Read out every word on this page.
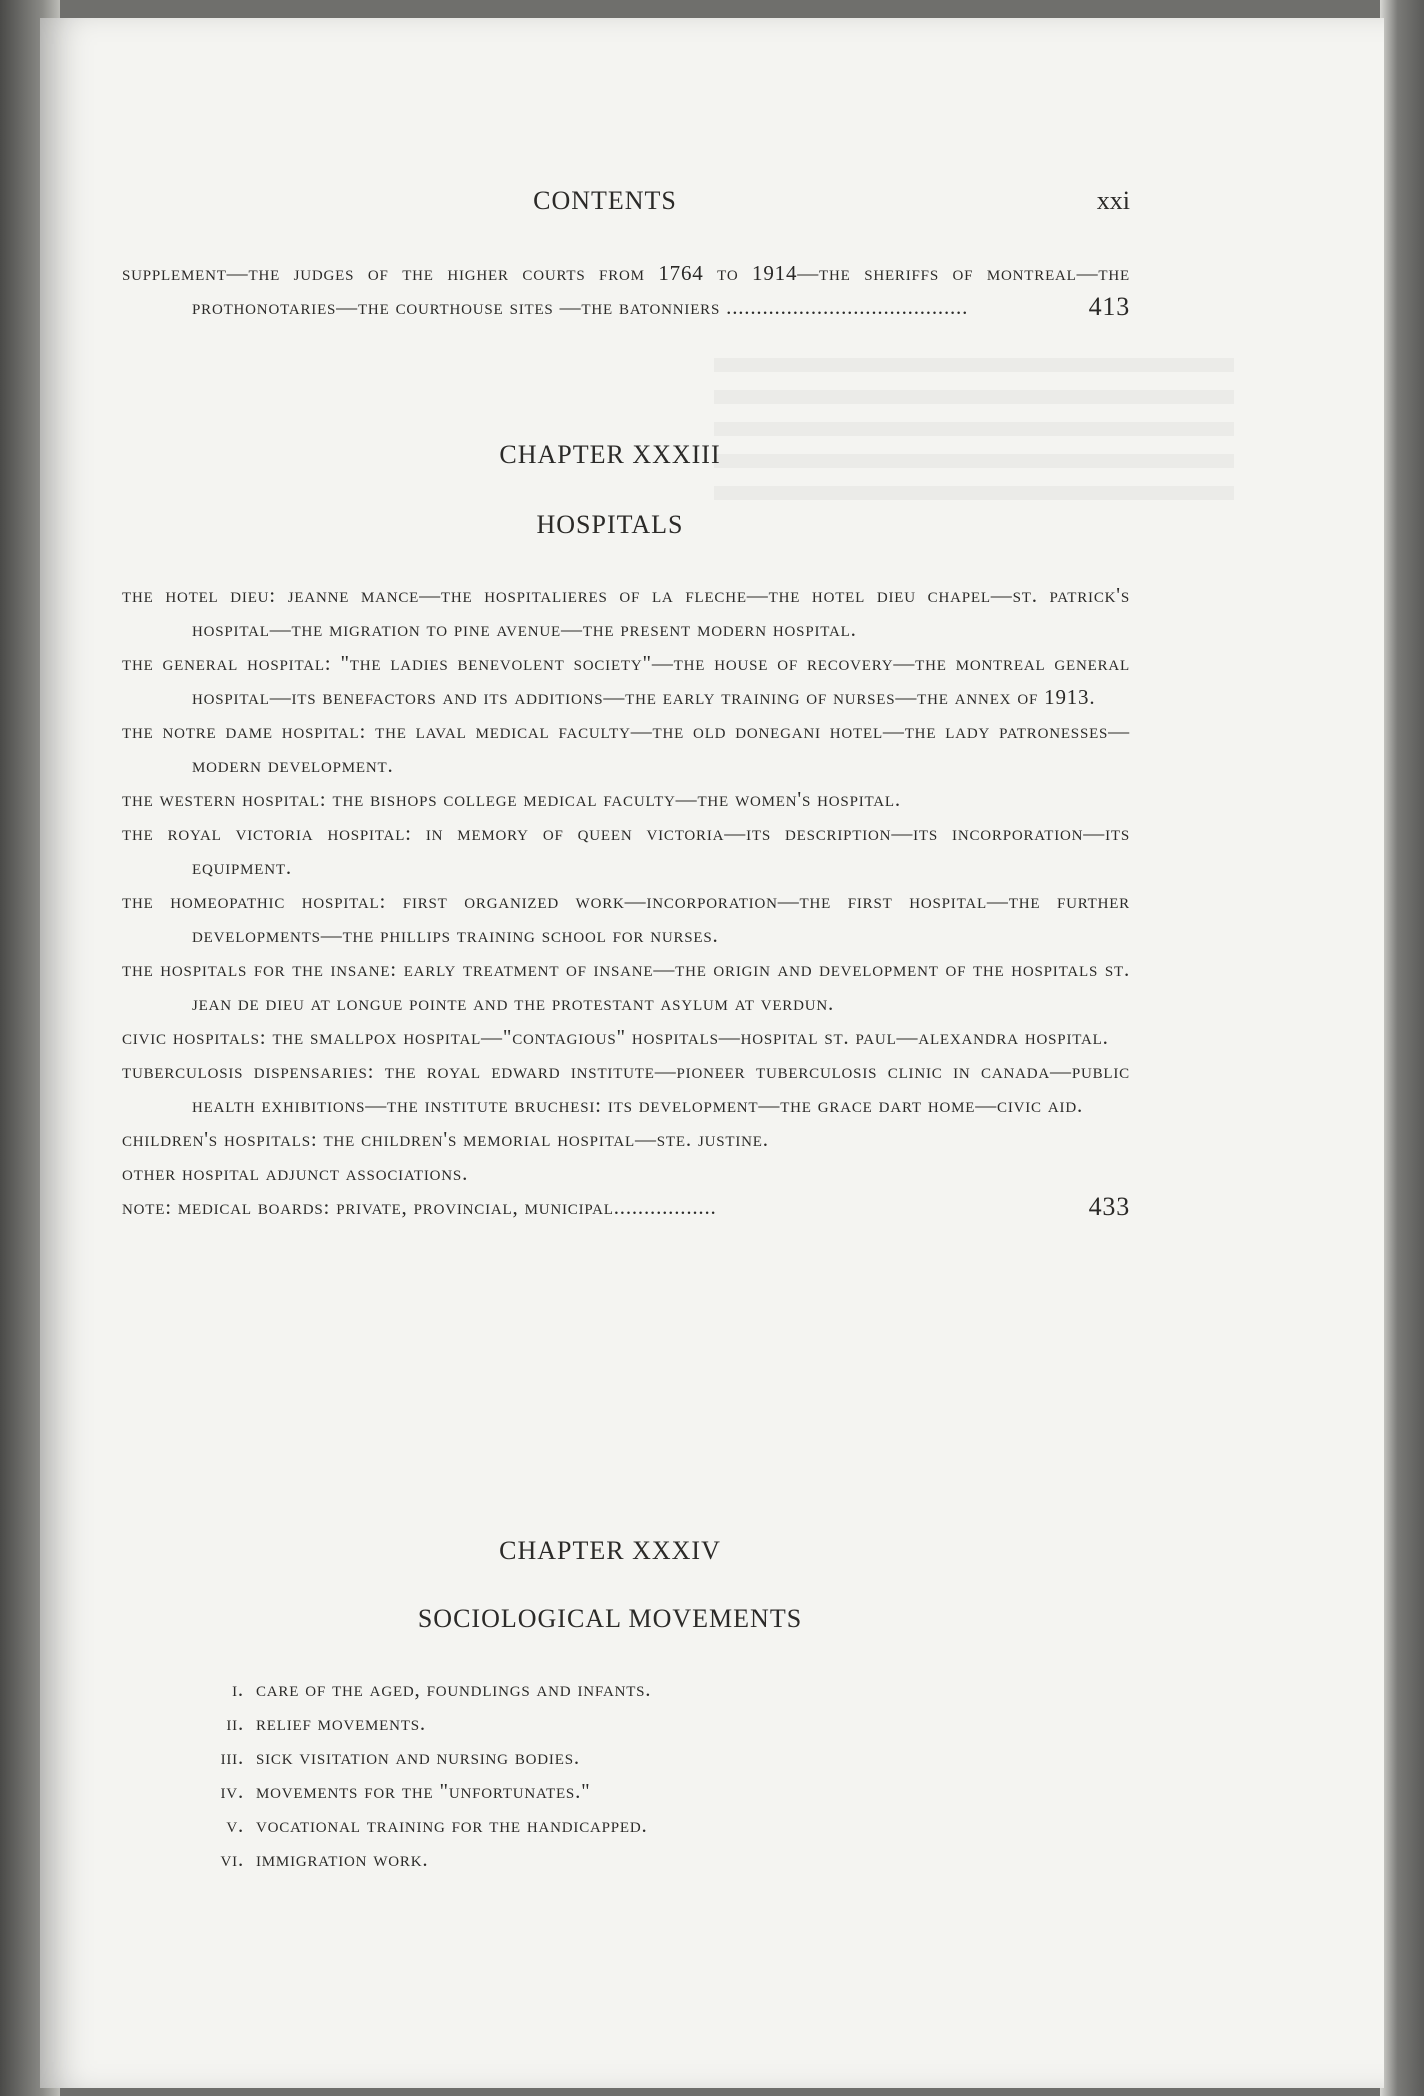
CONTENTS	xxi
supplement—the judges of the higher courts from 1764 to 1914—the sheriffs of montreal—the prothonotaries—the courthouse sites —the batonniers ........................................	413
CHAPTER XXXIII
HOSPITALS
the hotel dieu: jeanne mance—the hospitalieres of la fleche—the hotel dieu chapel—st. patrick's hospital—the migration to pine avenue—the present modern hospital.
the general hospital: "the ladies benevolent society"—the house of recovery—the montreal general hospital—its benefactors and its additions—the early training of nurses—the annex of 1913.
the notre dame hospital: the laval medical faculty—the old donegani hotel—the lady patronesses—modern development.
the western hospital: the bishops college medical faculty—the women's hospital.
the royal victoria hospital: in memory of queen victoria—its description—its incorporation—its equipment.
the homeopathic hospital: first organized work—incorporation—the first hospital—the further developments—the phillips training school for nurses.
the hospitals for the insane: early treatment of insane—the origin and development of the hospitals st. jean de dieu at longue pointe and the protestant asylum at verdun.
civic hospitals: the smallpox hospital—"contagious" hospitals—hospital st. paul—alexandra hospital.
tuberculosis dispensaries: the royal edward institute—pioneer tuberculosis clinic in canada—public health exhibitions—the institute bruchesi: its development—the grace dart home—civic aid.
children's hospitals: the children's memorial hospital—ste. justine.
other hospital adjunct associations.
note: medical boards: private, provincial, municipal.................	433
CHAPTER XXXIV
SOCIOLOGICAL MOVEMENTS
i. care of the aged, foundlings and infants.
ii. relief movements.
iii. sick visitation and nursing bodies.
iv. movements for the "unfortunates."
v. vocational training for the handicapped.
vi. immigration work.
